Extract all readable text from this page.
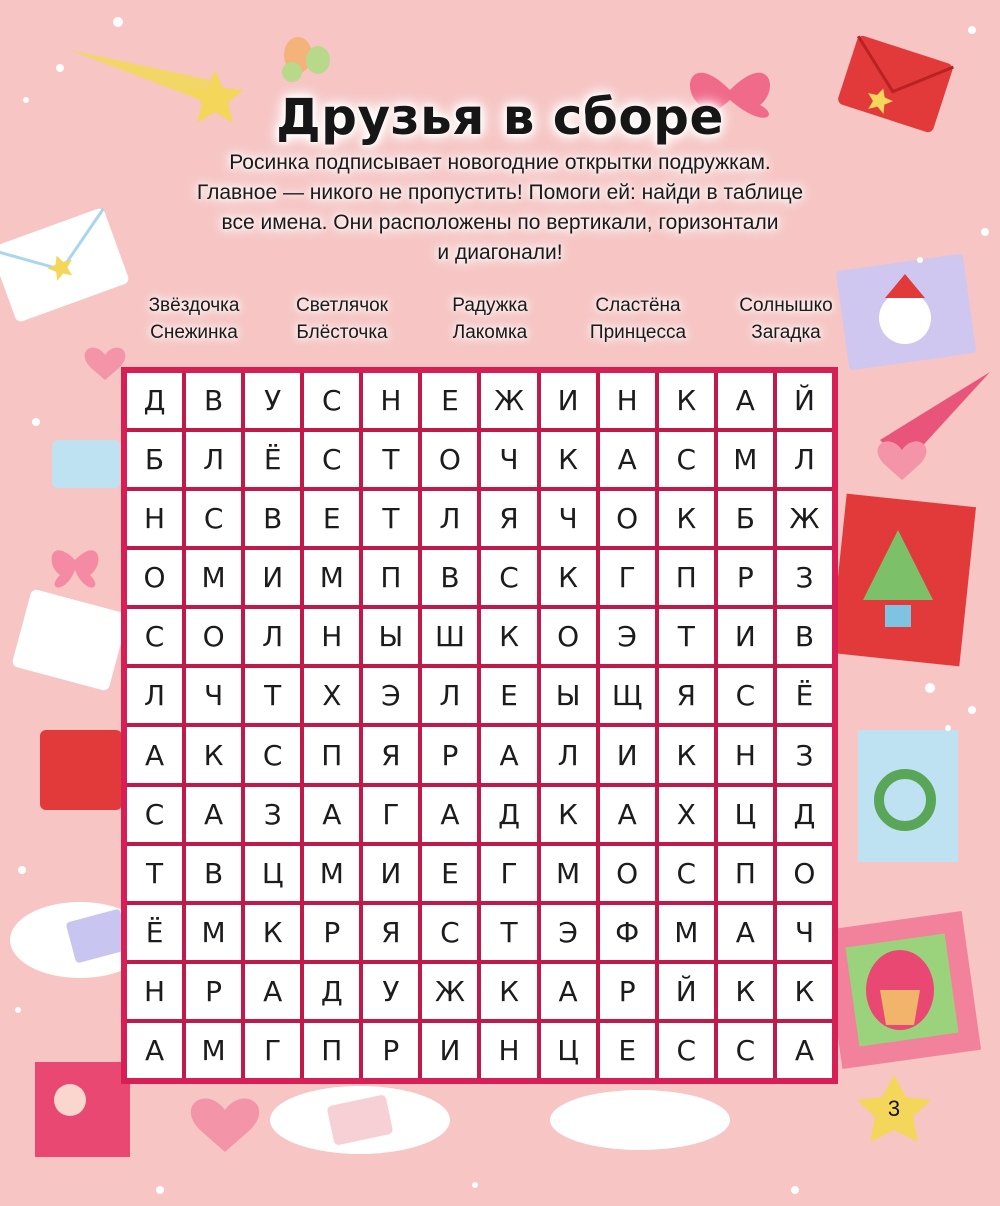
Друзья в сборе
Росинка подписывает новогодние открытки подружкам.
Главное — никого не пропустить! Помоги ей: найди в таблице
все имена. Они расположены по вертикали, горизонтали
и диагонали!
Звёздочка
Снежинка
Светлячок
Блёсточка
Радужка
Лакомка
Сластёна
Принцесса
Солнышко
Загадка
Д	В	У	С	Н	Е	Ж	И	Н	К	А	Й
Б	Л	Ё	С	Т	О	Ч	К	А	С	М	Л
Н	С	В	Е	Т	Л	Я	Ч	О	К	Б	Ж
О	М	И	М	П	В	С	К	Г	П	Р	З
С	О	Л	Н	Ы	Ш	К	О	Э	Т	И	В
Л	Ч	Т	Х	Э	Л	Е	Ы	Щ	Я	С	Ё
А	К	С	П	Я	Р	А	Л	И	К	Н	З
С	А	З	А	Г	А	Д	К	А	Х	Ц	Д
Т	В	Ц	М	И	Е	Г	М	О	С	П	О
Ё	М	К	Р	Я	С	Т	Э	Ф	М	А	Ч
Н	Р	А	Д	У	Ж	К	А	Р	Й	К	К
А	М	Г	П	Р	И	Н	Ц	Е	С	С	А
3
